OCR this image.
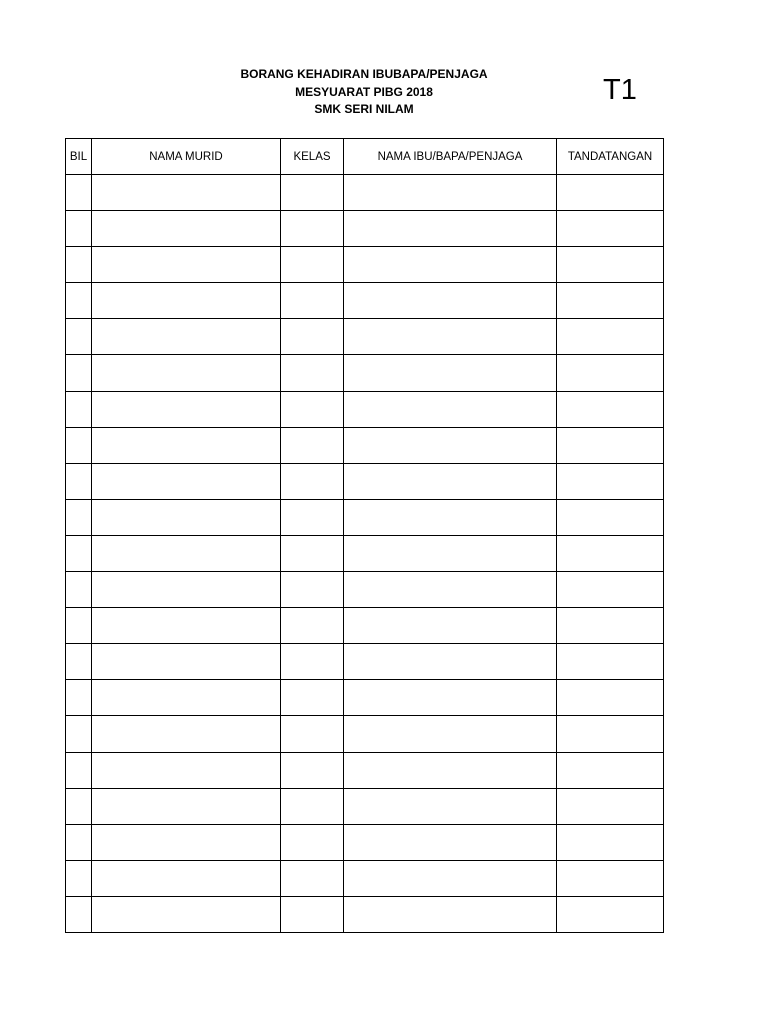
BORANG KEHADIRAN IBUBAPA/PENJAGA
MESYUARAT PIBG 2018
SMK SERI NILAM
T1
BIL	NAMA MURID	KELAS	NAMA IBU/BAPA/PENJAGA	TANDATANGAN
